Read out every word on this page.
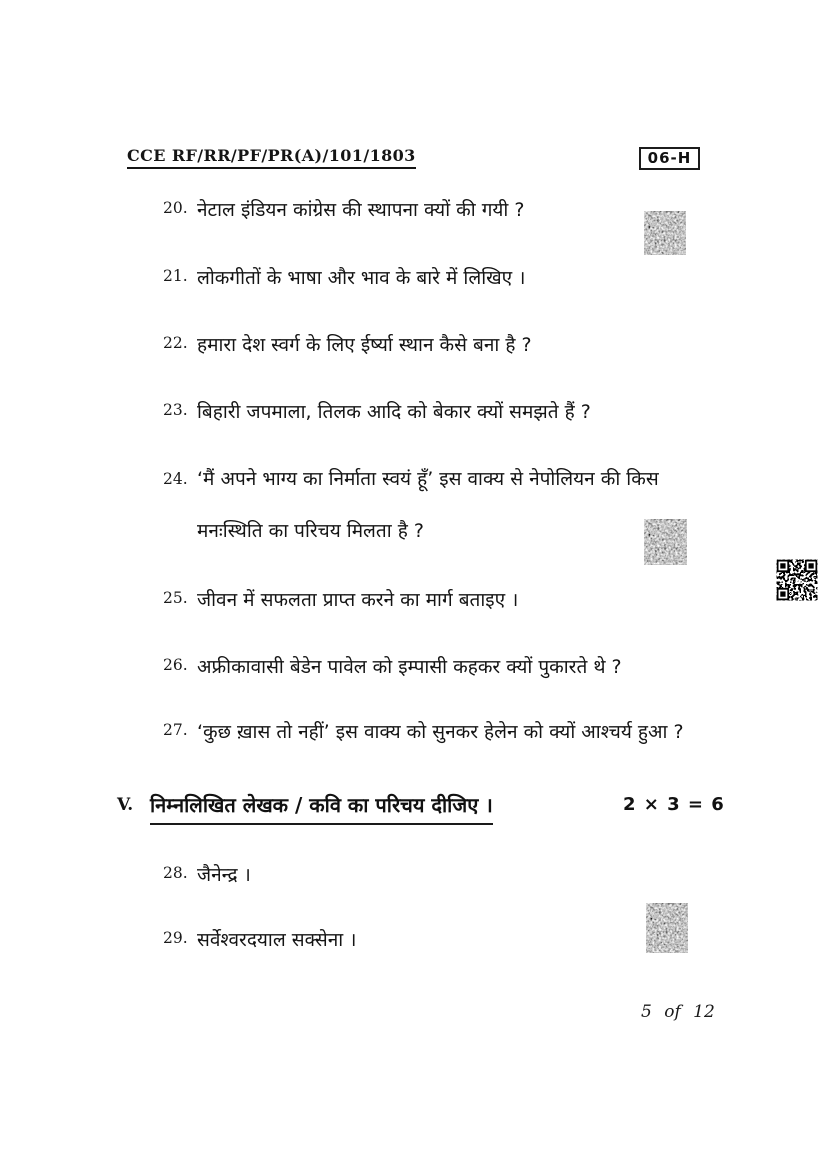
CCE RF/RR/PF/PR(A)/101/1803	06-H
20. नेटाल इंडियन कांग्रेस की स्थापना क्यों की गयी ?
21. लोकगीतों के भाषा और भाव के बारे में लिखिए ।
22. हमारा देश स्वर्ग के लिए ईर्ष्या स्थान कैसे बना है ?
23. बिहारी जपमाला, तिलक आदि को बेकार क्यों समझते हैं ?
24. ‘मैं अपने भाग्य का निर्माता स्वयं हूँ’ इस वाक्य से नेपोलियन की किस मनःस्थिति का परिचय मिलता है ?
25. जीवन में सफलता प्राप्त करने का मार्ग बताइए ।
26. अफ्रीकावासी बेडेन पावेल को इम्पासी कहकर क्यों पुकारते थे ?
27. ‘कुछ ख़ास तो नहीं’ इस वाक्य को सुनकर हेलेन को क्यों आश्चर्य हुआ ?
V. निम्नलिखित लेखक / कवि का परिचय दीजिए ।	2 × 3 = 6
28. जैनेन्द्र ।
29. सर्वेश्वरदयाल सक्सेना ।
5 of 12
